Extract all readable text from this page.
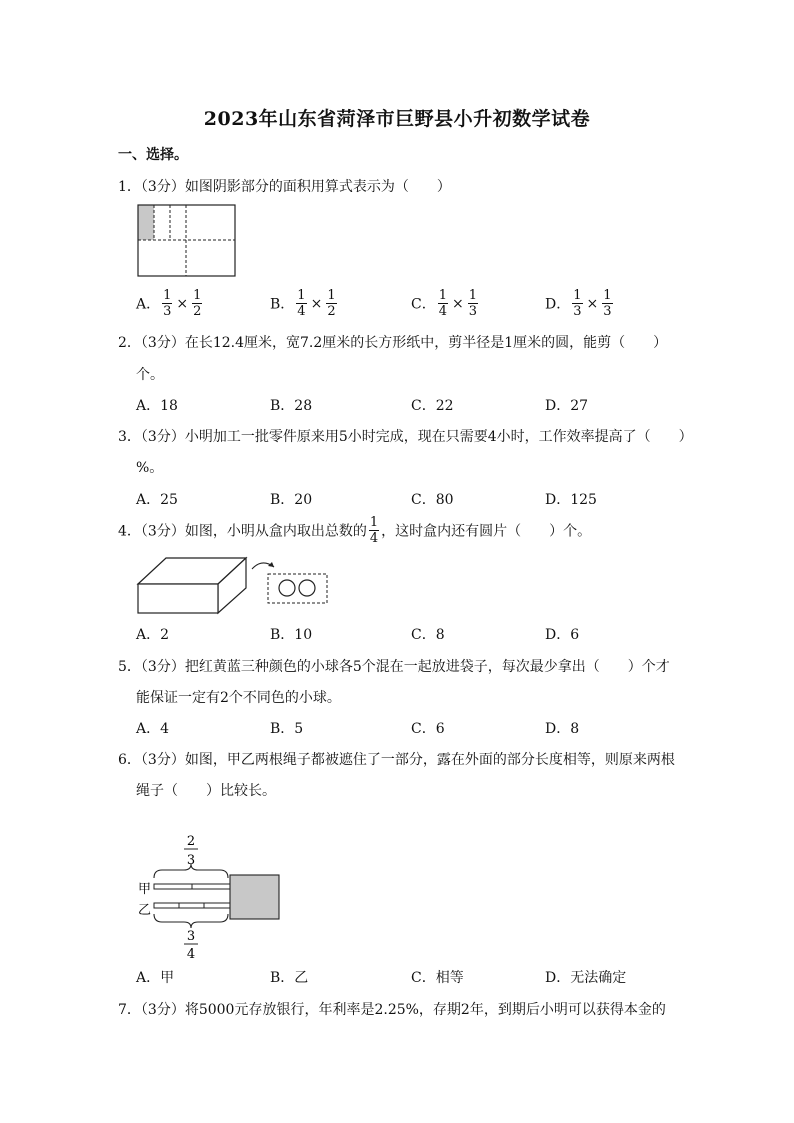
2023年山东省菏泽市巨野县小升初数学试卷
一、选择。
1．（3分）如图阴影部分的面积用算式表示为（　　）
A． $\frac{1}{3} \times \frac{1}{2}$	B． $\frac{1}{4} \times \frac{1}{2}$	C． $\frac{1}{4} \times \frac{1}{3}$	D． $\frac{1}{3} \times \frac{1}{3}$
2．（3分）在长12.4厘米，宽7.2厘米的长方形纸中，剪半径是1厘米的圆，能剪（　　）
个。
A．18	B．28	C．22	D．27
3．（3分）小明加工一批零件原来用5小时完成，现在只需要4小时，工作效率提高了（　　）
%。
A．25	B．20	C．80	D．125
4．（3分）如图，小明从盒内取出总数的 $\frac{1}{4}$ ，这时盒内还有圆片（　　）个。
A．2	B．10	C．8	D．6
5．（3分）把红黄蓝三种颜色的小球各5个混在一起放进袋子，每次最少拿出（　　）个才
能保证一定有2个不同色的小球。
A．4	B．5	C．6	D．8
6．（3分）如图，甲乙两根绳子都被遮住了一部分，露在外面的部分长度相等，则原来两根
绳子（　　）比较长。
2
3
甲
乙
3
4
A．甲	B．乙	C．相等	D．无法确定
7．（3分）将5000元存放银行，年利率是2.25%，存期2年，到期后小明可以获得本金的
